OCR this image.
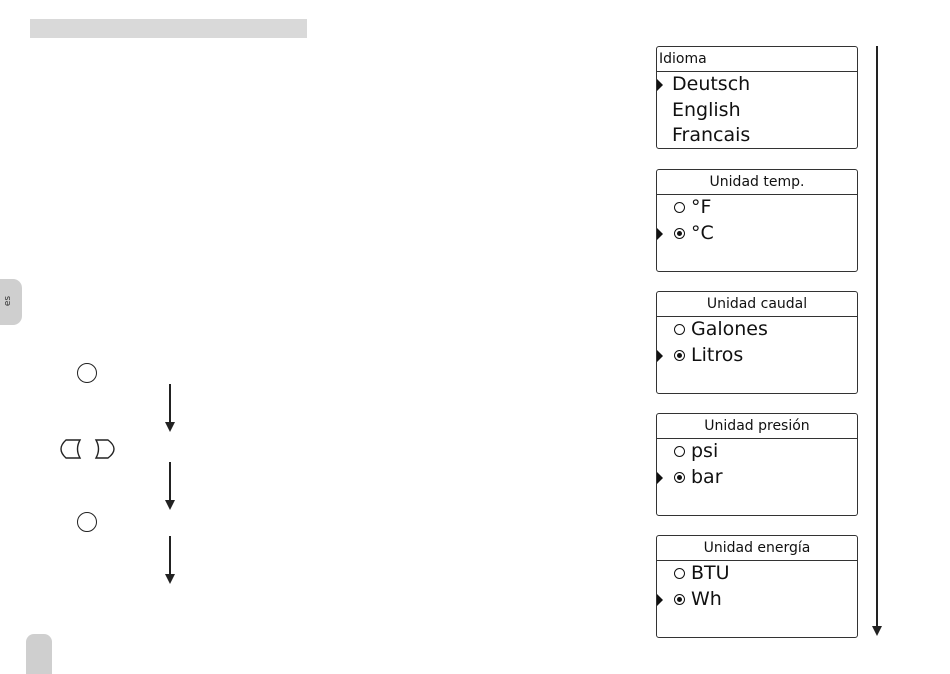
es
Idioma
Deutsch
English
Francais
Unidad temp.
°F
°C
Unidad caudal
Galones
Litros
Unidad presión
psi
bar
Unidad energía
BTU
Wh
